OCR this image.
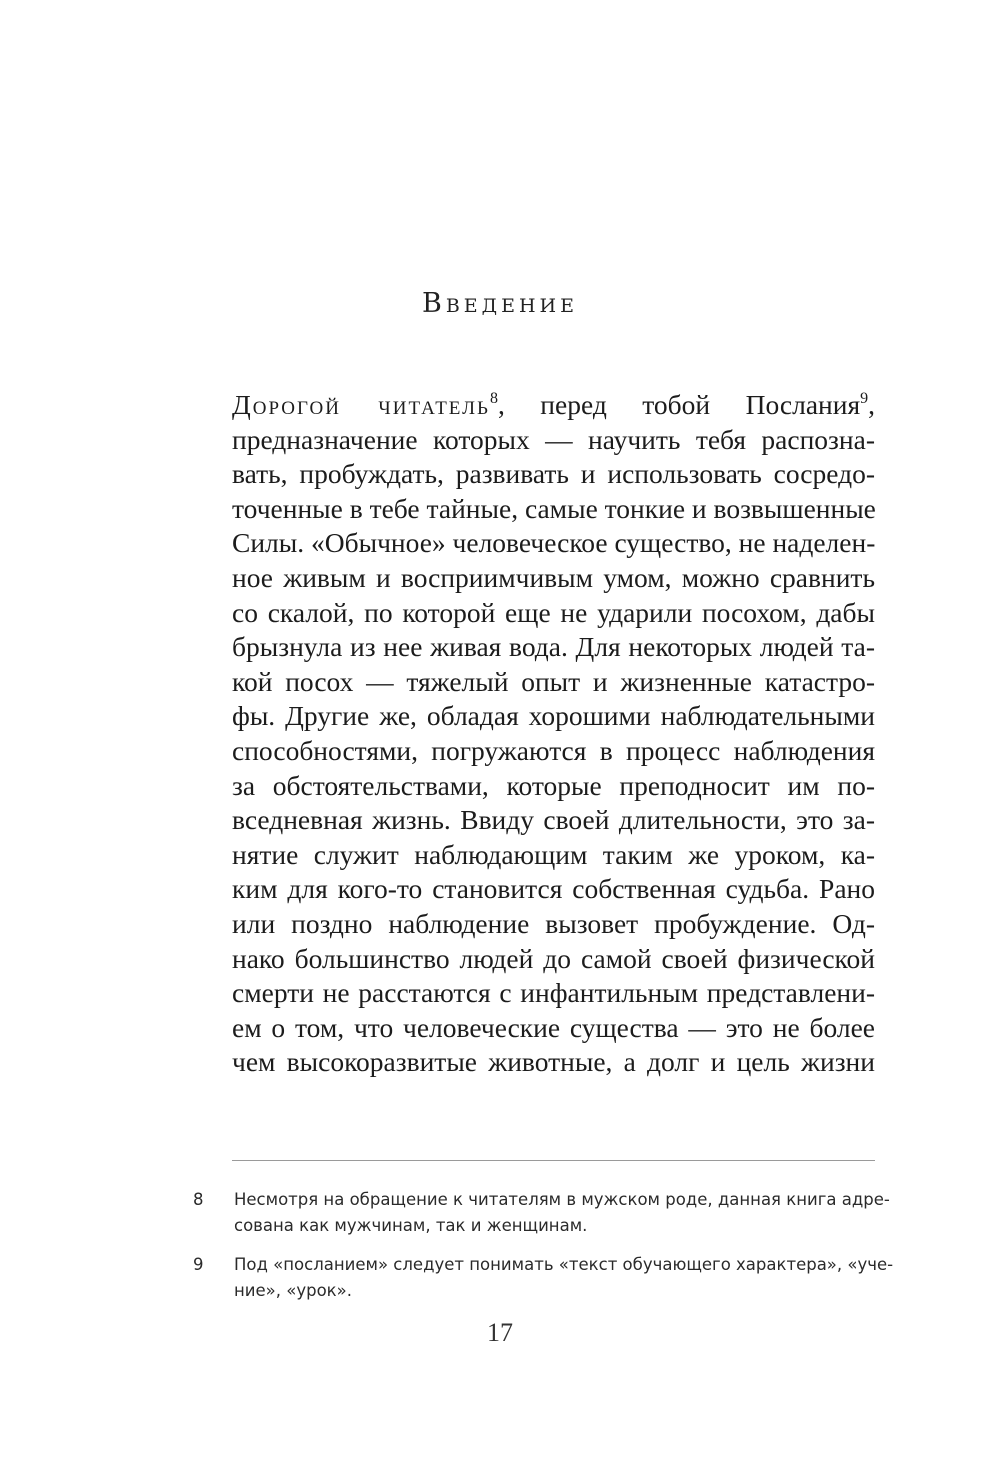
Введение
Дорогой читатель$^8$, перед тобой Послания$^9$,
предназначение которых — научить тебя распозна-
вать, пробуждать, развивать и использовать сосредо-
точенные в тебе тайные, самые тонкие и возвышенные
Силы. «Обычное» человеческое существо, не наделен-
ное живым и восприимчивым умом, можно сравнить
со скалой, по которой еще не ударили посохом, дабы
брызнула из нее живая вода. Для некоторых людей та-
кой посох — тяжелый опыт и жизненные катастро-
фы. Другие же, обладая хорошими наблюдательными
способностями, погружаются в процесс наблюдения
за обстоятельствами, которые преподносит им по-
вседневная жизнь. Ввиду своей длительности, это за-
нятие служит наблюдающим таким же уроком, ка-
ким для кого-то становится собственная судьба. Рано
или поздно наблюдение вызовет пробуждение. Од-
нако большинство людей до самой своей физической
смерти не расстаются с инфантильным представлени-
ем о том, что человеческие существа — это не более
чем высокоразвитые животные, а долг и цель жизни
8	Несмотря на обращение к читателям в мужском роде, данная книга адре-
сована как мужчинам, так и женщинам.
9	Под «посланием» следует понимать «текст обучающего характера», «уче-
ние», «урок».
17
